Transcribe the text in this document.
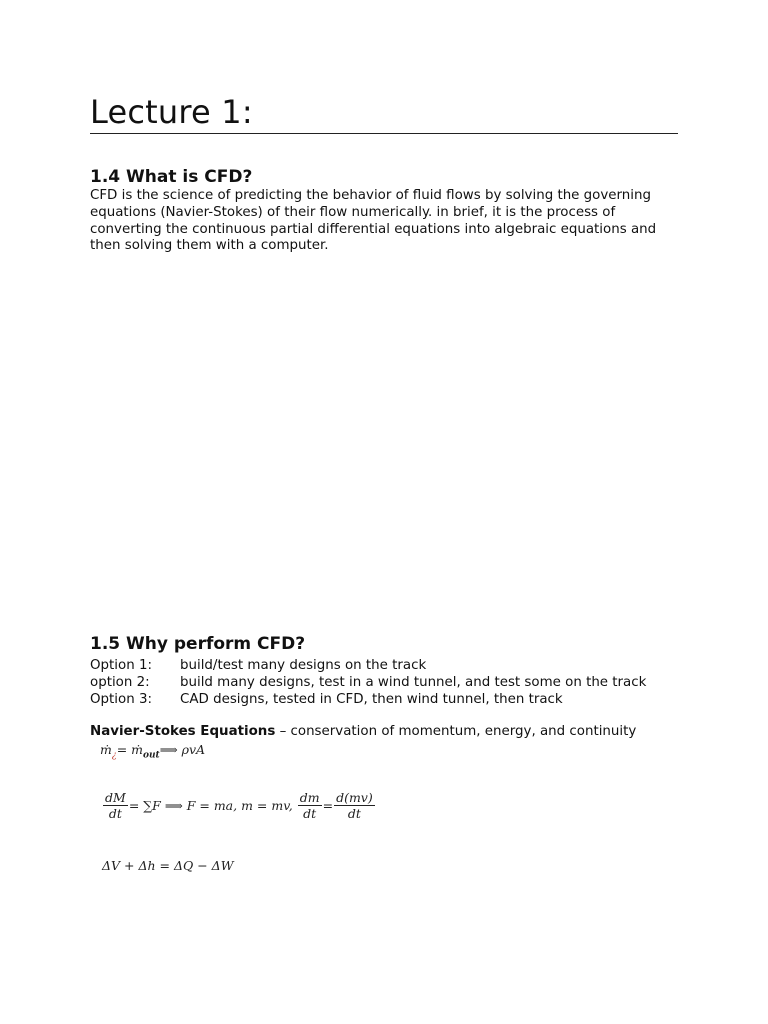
Lecture 1:
1.4 What is CFD?

CFD is the science of predicting the behavior of fluid flows by solving the governing equations (Navier-Stokes) of their flow numerically. in brief, it is the process of converting the continuous partial differential equations into algebraic equations and then solving them with a computer.

1.5 Why perform CFD?
Option 1:	build/test many designs on the track
option 2:	build many designs, test in a wind tunnel, and test some on the track
Option 3:	CAD designs, tested in CFD, then wind tunnel, then track
Navier-Stokes Equations – conservation of momentum, energy, and continuity
ṁ$_¿$= ṁ$_{out}$⟹ ρvA
$\frac{dM}{dt} = \sum F$ ⟹ F = ma, m = mv, $\frac{dm}{dt} = \frac{d(mv)}{dt}$
ΔV + Δh = ΔQ − ΔW
